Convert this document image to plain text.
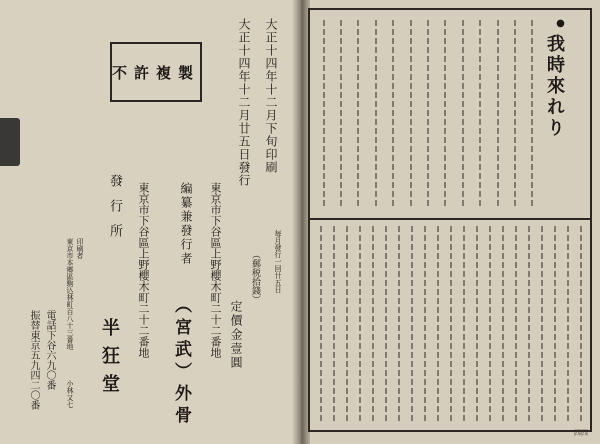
不許複製	大正十四年十二月下旬印刷
大正十四年十二月廿五日發行
毎月發行一回卄五日
（郵税拾錢）
定價金壹圓
東京市下谷區上野櫻木町二十二番地
編纂兼發行者
（宮武）外骨
東京市下谷區上野櫻木町二十二番地
發行所
半狂堂
印刷者
東京市本鄉區駒込林町百八十三番地
小林又七
電話下谷六九〇番
振替東京五九四二〇番
●
我時來れり
四四
